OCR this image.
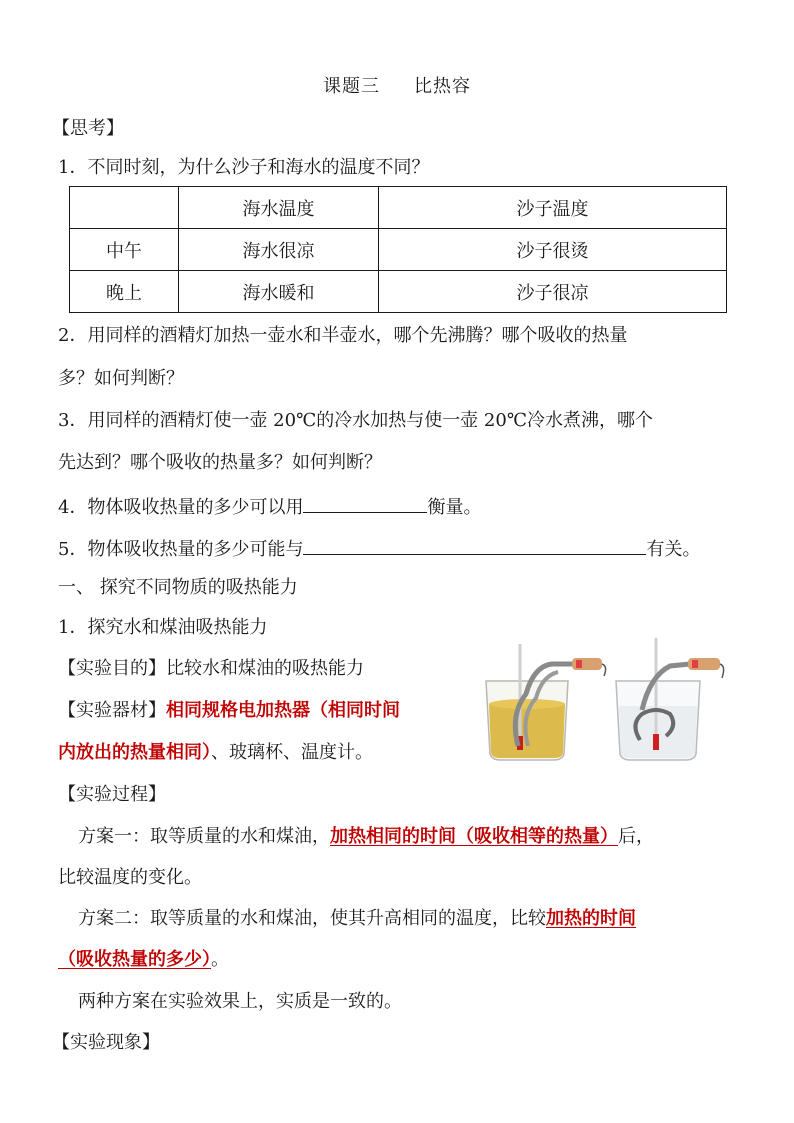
课题三 比热容
【思考】
1．不同时刻，为什么沙子和海水的温度不同？
	海水温度	沙子温度
中午	海水很凉	沙子很烫
晚上	海水暖和	沙子很凉
2．用同样的酒精灯加热一壶水和半壶水，哪个先沸腾？哪个吸收的热量
多？如何判断？
3．用同样的酒精灯使一壶 20℃的冷水加热与使一壶 20℃冷水煮沸，哪个
先达到？哪个吸收的热量多？如何判断？
4．物体吸收热量的多少可以用	衡量。
5．物体吸收热量的多少可能与	有关。
一、 探究不同物质的吸热能力
1．探究水和煤油吸热能力
【实验目的】比较水和煤油的吸热能力
【实验器材】相同规格电加热器（相同时间
内放出的热量相同）、玻璃杯、温度计。
【实验过程】
方案一：取等质量的水和煤油，加热相同的时间（吸收相等的热量）后，
比较温度的变化。
方案二：取等质量的水和煤油，使其升高相同的温度，比较加热的时间
（吸收热量的多少）。
两种方案在实验效果上，实质是一致的。
【实验现象】
